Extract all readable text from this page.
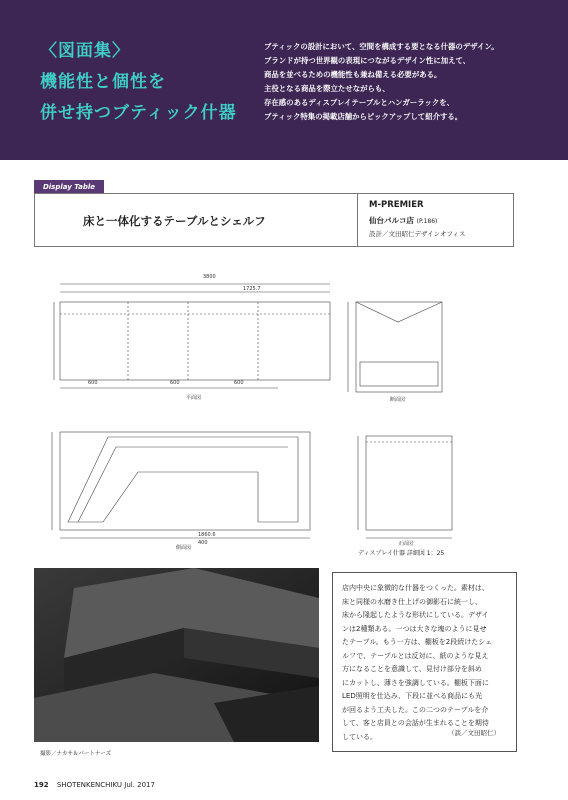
〈図面集〉
機能性と個性を
併せ持つブティック什器
ブティックの設計において、空間を構成する要となる什器のデザイン。
ブランドが持つ世界観の表現につながるデザイン性に加えて、
商品を並べるための機能性も兼ね備える必要がある。
主役となる商品を際立たせながらも、
存在感のあるディスプレイテーブルとハンガーラックを、
ブティック特集の掲載店舗からピックアップして紹介する。
Display Table
床と一体化するテーブルとシェルフ
M-PREMIER
仙台パルコ店 (P.186)
設計／文田昭仁デザインオフィス
3800
600	600	600
1725.7
1860.6
400
平面図	断面図
側面図
正面図
ディスプレイ什器 詳細図 1：25
撮影／ナカサ＆パートナーズ
店内中央に象徴的な什器をつくった。素材は、
床と同様の水磨き仕上げの御影石に統一し、
床から隆起したような形状にしている。デザイ
ンは2種類ある。一つは大きな塊のように見せ
たテーブル。もう一方は、棚板を2段続けたシェ
ルフで、テーブルとは反対に、紙のような見え
方になることを意識して、見付け部分を斜め
にカットし、薄さを強調している。棚板下面に
LED照明を仕込み、下段に並べる商品にも光
が回るよう工夫した。この二つのテーブルを介
して、客と店員との会話が生まれることを期待
している。	（談／文田昭仁）
192 SHOTENKENCHIKU Jul. 2017
